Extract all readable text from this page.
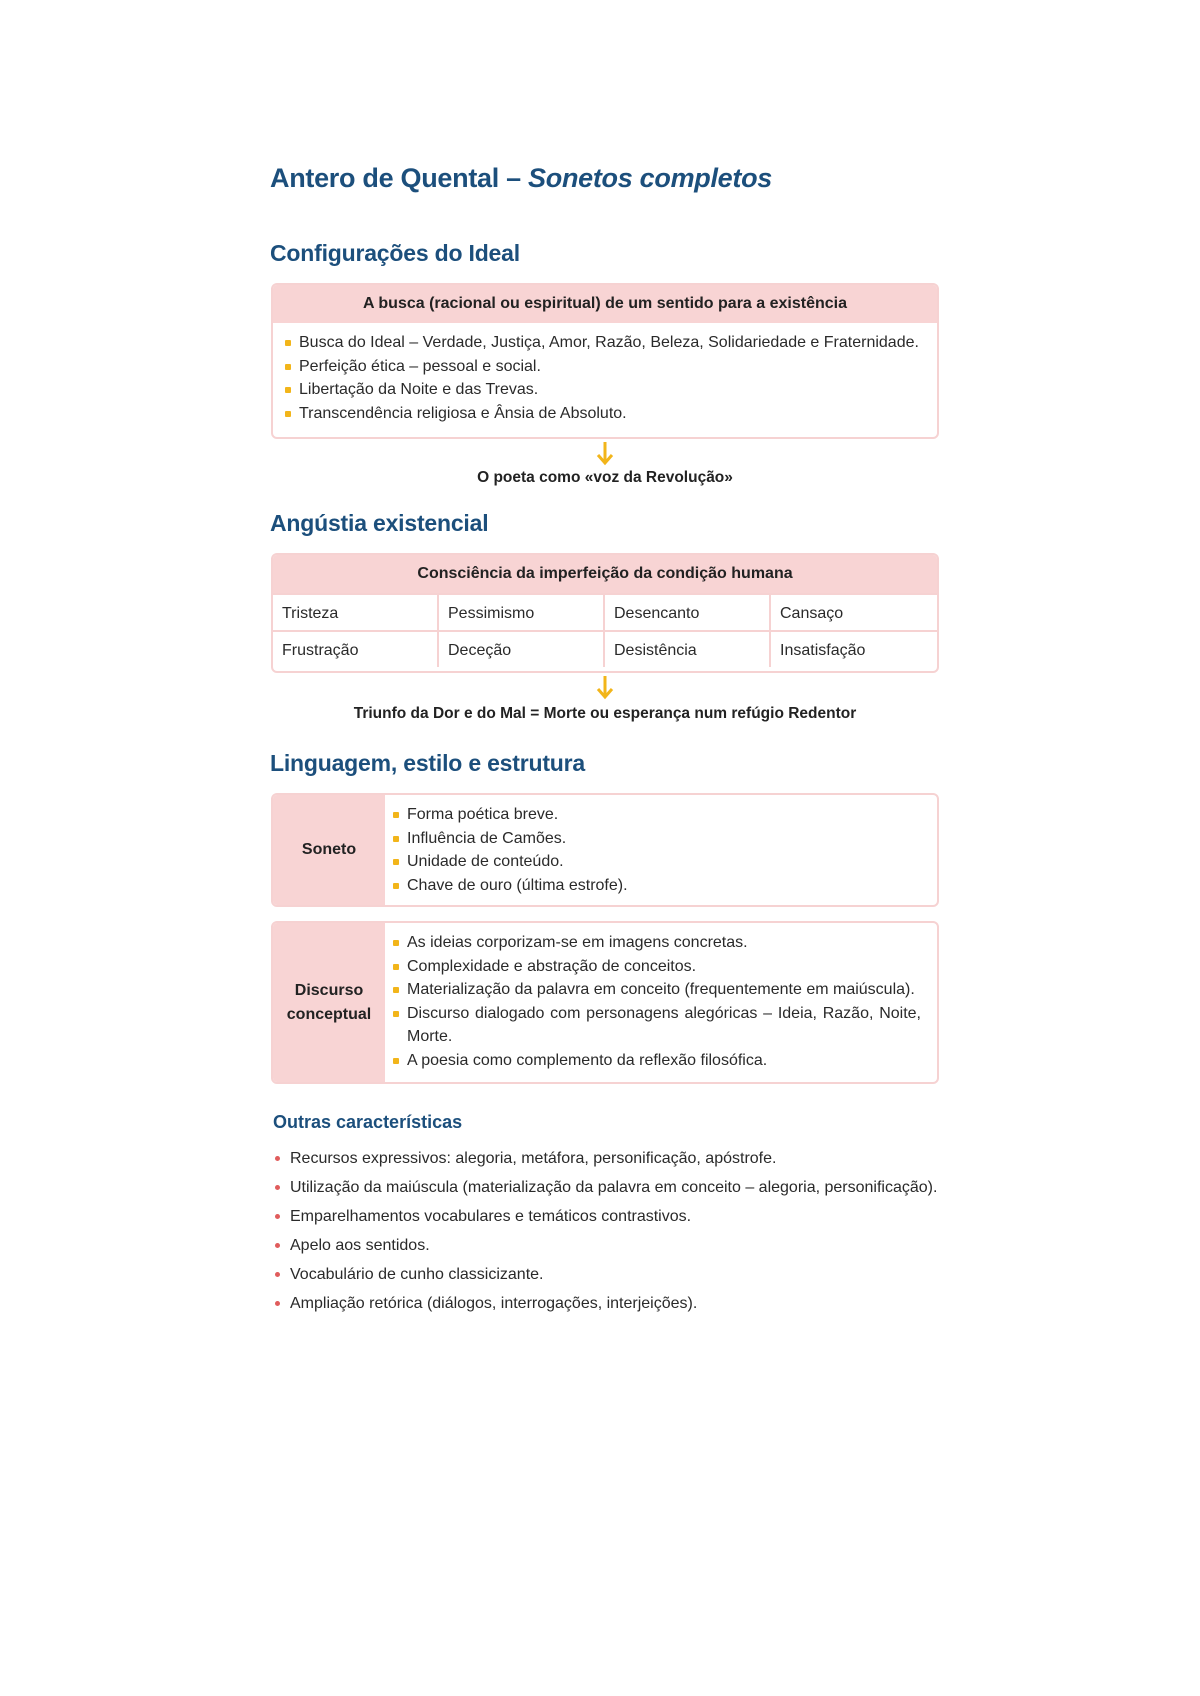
Antero de Quental – Sonetos completos
Configurações do Ideal
A busca (racional ou espiritual) de um sentido para a existência
Busca do Ideal – Verdade, Justiça, Amor, Razão, Beleza, Solidariedade e Fraternidade.
Perfeição ética – pessoal e social.
Libertação da Noite e das Trevas.
Transcendência religiosa e Ânsia de Absoluto.

O poeta como «voz da Revolução»

Angústia existencial
Consciência da imperfeição da condição humana
Tristeza	Pessimismo	Desencanto	Cansaço
Frustração	Deceção	Desistência	Insatisfação

Triunfo da Dor e do Mal = Morte ou esperança num refúgio Redentor

Linguagem, estilo e estrutura
Soneto
Forma poética breve.
Influência de Camões.
Unidade de conteúdo.
Chave de ouro (última estrofe).
Discurso
conceptual
As ideias corporizam-se em imagens concretas.
Complexidade e abstração de conceitos.
Materialização da palavra em conceito (frequentemente em maiúscula).
Discurso dialogado com personagens alegóricas – Ideia, Razão, Noite, Morte.
A poesia como complemento da reflexão filosófica.
Outras características
Recursos expressivos: alegoria, metáfora, personificação, apóstrofe.
Utilização da maiúscula (materialização da palavra em conceito – alegoria, personificação).
Emparelhamentos vocabulares e temáticos contrastivos.
Apelo aos sentidos.
Vocabulário de cunho classicizante.
Ampliação retórica (diálogos, interrogações, interjeições).
